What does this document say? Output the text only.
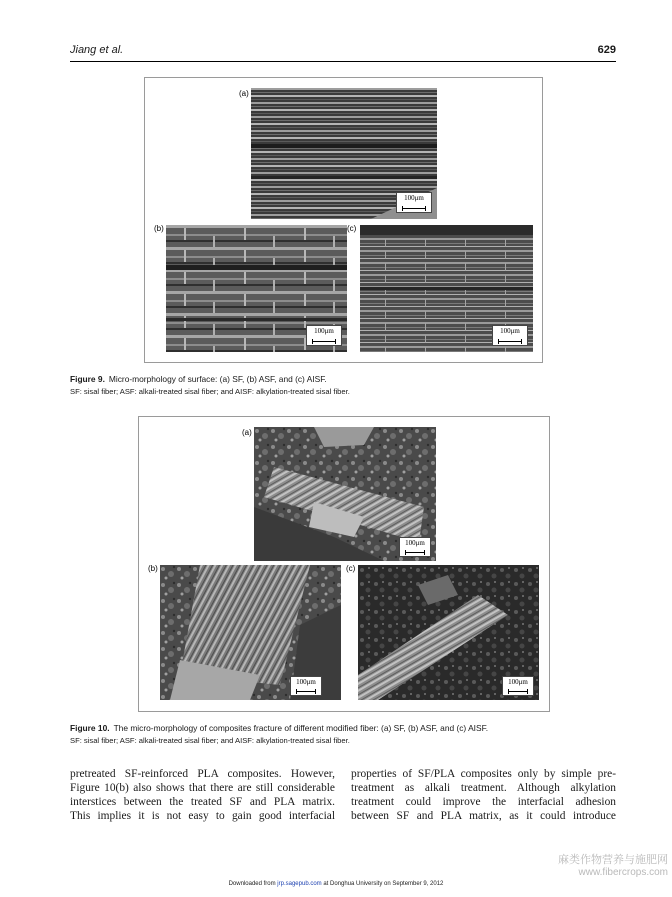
Jiang et al.	629
100μm
(a)
100μm
(b)
100μm
(c)
Figure 9. Micro-morphology of surface: (a) SF, (b) ASF, and (c) AISF.
SF: sisal fiber; ASF: alkali-treated sisal fiber; and AISF: alkylation-treated sisal fiber.
100μm
(a)
100μm
(b)
100μm
(c)
Figure 10. The micro-morphology of composites fracture of different modified fiber: (a) SF, (b) ASF, and (c) AISF.
SF: sisal fiber; ASF: alkali-treated sisal fiber; and AISF: alkylation-treated sisal fiber.
pretreated SF-reinforced PLA composites. However,
Figure 10(b) also shows that there are still considerable
interstices between the treated SF and PLA matrix.
This implies it is not easy to gain good interfacial
properties of SF/PLA composites only by simple pre-
treatment as alkali treatment. Although alkylation
treatment could improve the interfacial adhesion
between SF and PLA matrix, as it could introduce
Downloaded from jrp.sagepub.com at Donghua University on September 9, 2012
麻类作物营养与施肥网
www.fibercrops.com
